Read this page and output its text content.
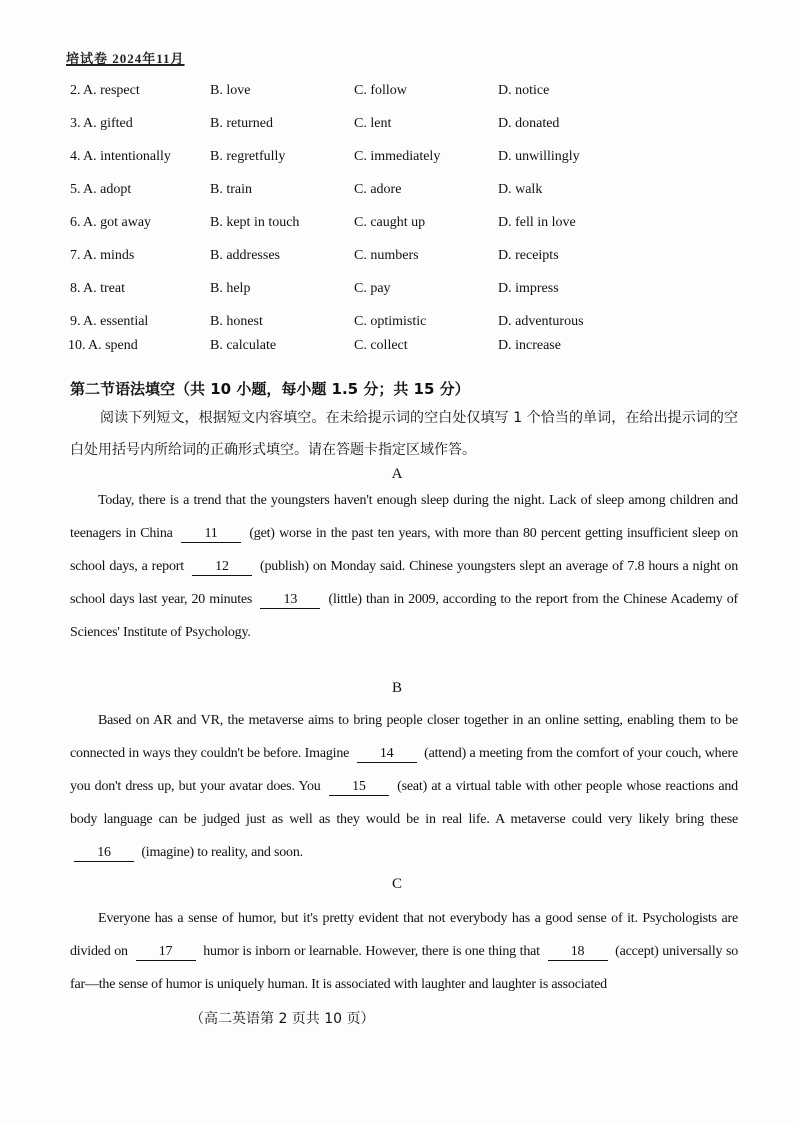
培试卷 2024年11月
2. A. respect	B. love	C. follow	D. notice
3. A. gifted	B. returned	C. lent	D. donated
4. A. intentionally	B. regretfully	C. immediately	D. unwillingly
5. A. adopt	B. train	C. adore	D. walk
6. A. got away	B. kept in touch	C. caught up	D. fell in love
7. A. minds	B. addresses	C. numbers	D. receipts
8. A. treat	B. help	C. pay	D. impress
9. A. essential	B. honest	C. optimistic	D. adventurous
10. A. spend	B. calculate	C. collect	D. increase
第二节语法填空（共 10 小题，每小题 1.5 分；共 15 分）
阅读下列短文，根据短文内容填空。在未给提示词的空白处仅填写 1 个恰当的单词，在给出提示词的空白处用括号内所给词的正确形式填空。请在答题卡指定区域作答。
A
Today, there is a trend that the youngsters haven't enough sleep during the night. Lack of sleep among children and teenagers in China 11 (get) worse in the past ten years, with more than 80 percent getting insufficient sleep on school days, a report 12 (publish) on Monday said. Chinese youngsters slept an average of 7.8 hours a night on school days last year, 20 minutes 13 (little) than in 2009, according to the report from the Chinese Academy of Sciences' Institute of Psychology.
B
Based on AR and VR, the metaverse aims to bring people closer together in an online setting, enabling them to be connected in ways they couldn't be before. Imagine 14 (attend) a meeting from the comfort of your couch, where you don't dress up, but your avatar does. You 15 (seat) at a virtual table with other people whose reactions and body language can be judged just as well as they would be in real life. A metaverse could very likely bring these 16 (imagine) to reality, and soon.
C
Everyone has a sense of humor, but it's pretty evident that not everybody has a good sense of it. Psychologists are divided on 17 humor is inborn or learnable. However, there is one thing that 18 (accept) universally so far—the sense of humor is uniquely human. It is associated with laughter and laughter is associated
（高二英语第 2 页共 10 页）
